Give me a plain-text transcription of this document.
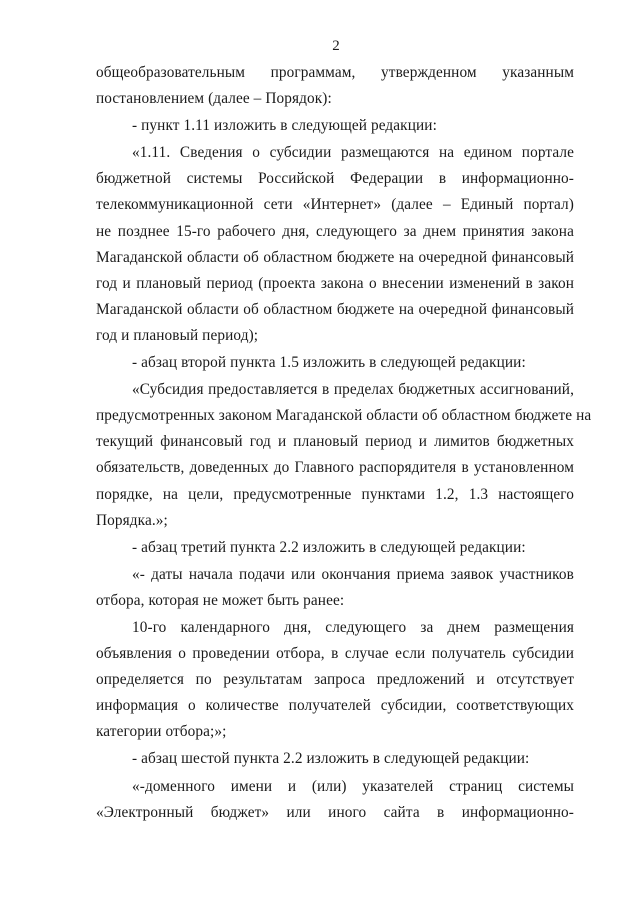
2
общеобразовательным программам, утвержденном указанным
постановлением (далее – Порядок):
- пункт 1.11 изложить в следующей редакции:
«1.11. Сведения о субсидии размещаются на едином портале
бюджетной системы Российской Федерации в информационно-
телекоммуникационной сети «Интернет» (далее – Единый портал)
не позднее 15-го рабочего дня, следующего за днем принятия закона
Магаданской области об областном бюджете на очередной финансовый
год и плановый период (проекта закона о внесении изменений в закон
Магаданской области об областном бюджете на очередной финансовый
год и плановый период);
- абзац второй пункта 1.5 изложить в следующей редакции:
«Субсидия предоставляется в пределах бюджетных ассигнований,
предусмотренных законом Магаданской области об областном бюджете на
текущий финансовый год и плановый период и лимитов бюджетных
обязательств, доведенных до Главного распорядителя в установленном
порядке, на цели, предусмотренные пунктами 1.2, 1.3 настоящего
Порядка.»;
- абзац третий пункта 2.2 изложить в следующей редакции:
«- даты начала подачи или окончания приема заявок участников
отбора, которая не может быть ранее:
10-го календарного дня, следующего за днем размещения
объявления о проведении отбора, в случае если получатель субсидии
определяется по результатам запроса предложений и отсутствует
информация о количестве получателей субсидии, соответствующих
категории отбора;»;
- абзац шестой пункта 2.2 изложить в следующей редакции:
«-доменного имени и (или) указателей страниц системы
«Электронный бюджет» или иного сайта в информационно-
